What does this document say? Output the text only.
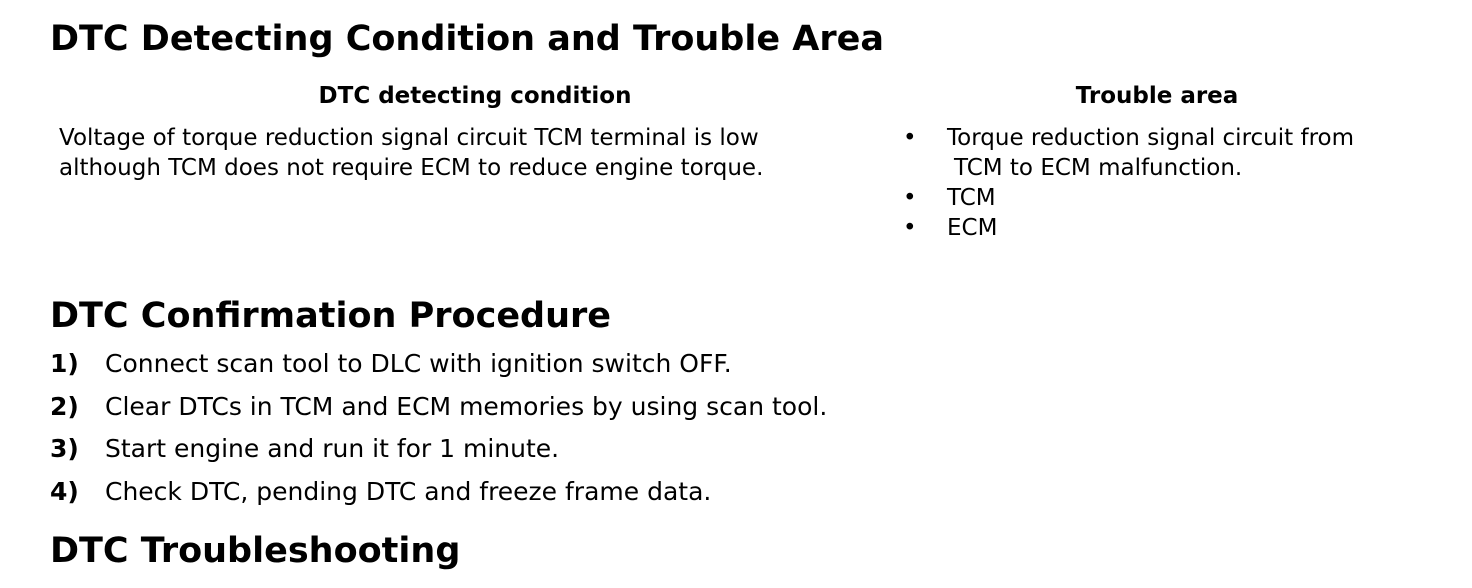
DTC Detecting Condition and Trouble Area
DTC detecting condition	Trouble area
Voltage of torque reduction signal circuit TCM terminal is low
although TCM does not require ECM to reduce engine torque.
• Torque reduction signal circuit from
TCM to ECM malfunction.
• TCM
• ECM
DTC Confirmation Procedure
1) Connect scan tool to DLC with ignition switch OFF.
2) Clear DTCs in TCM and ECM memories by using scan tool.
3) Start engine and run it for 1 minute.
4) Check DTC, pending DTC and freeze frame data.
DTC Troubleshooting
